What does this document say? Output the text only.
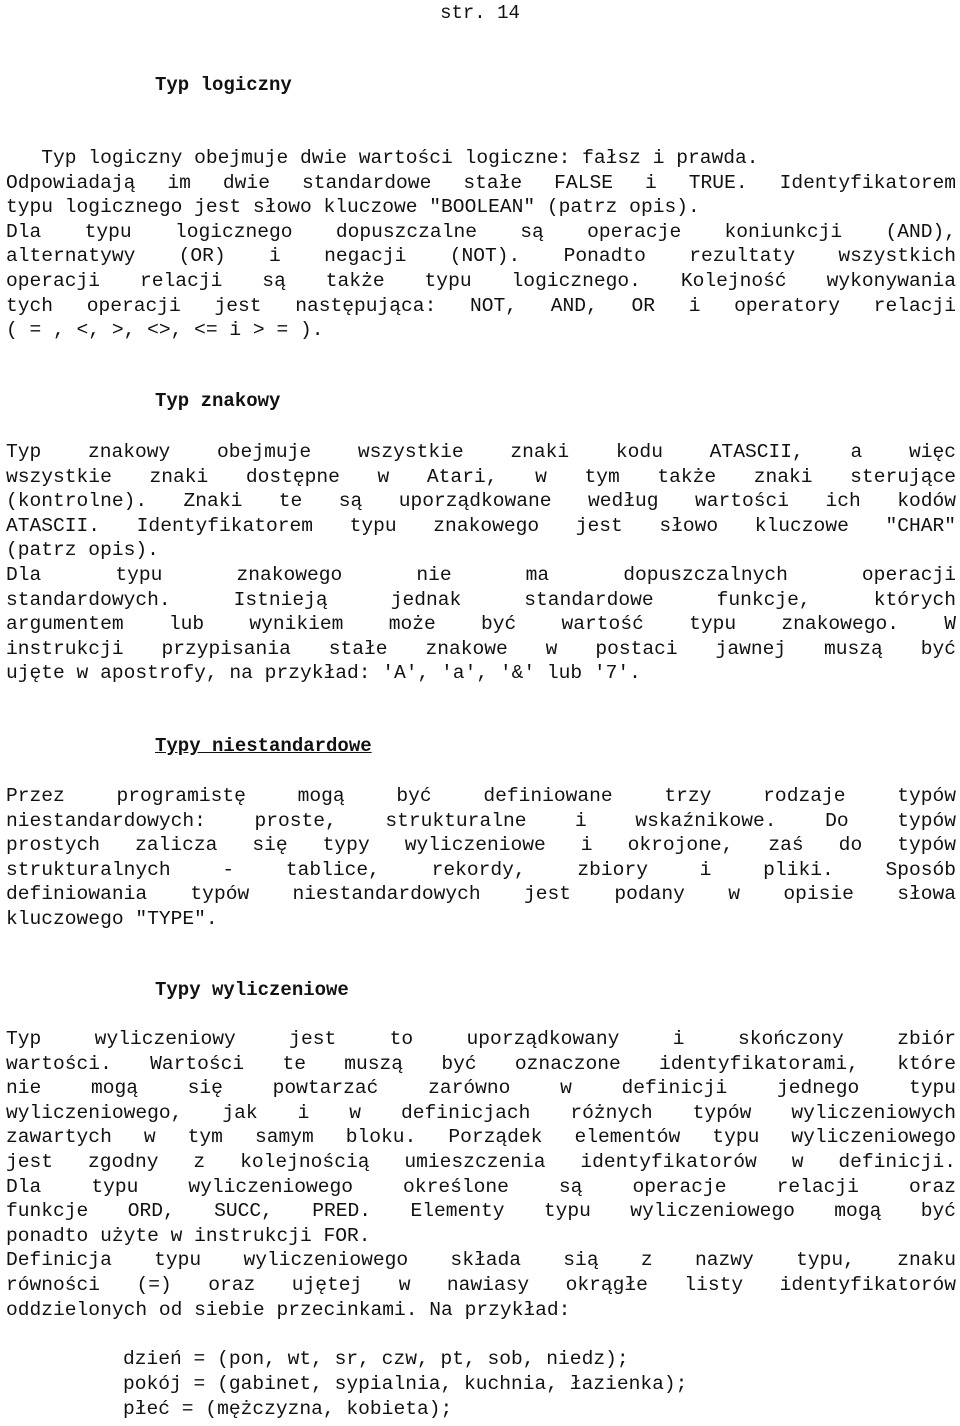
str. 14
Typ logiczny
Typ logiczny obejmuje dwie wartości logiczne: fałsz i prawda.
Odpowiadają im dwie standardowe stałe FALSE i TRUE. Identyfikatorem
typu logicznego jest słowo kluczowe "BOOLEAN" (patrz opis).
Dla typu logicznego dopuszczalne są operacje koniunkcji (AND),
alternatywy (OR) i negacji (NOT). Ponadto rezultaty wszystkich
operacji relacji są także typu logicznego. Kolejność wykonywania
tych operacji jest następująca: NOT, AND, OR i operatory relacji
( = , <, >, <>, <= i > = ).
Typ znakowy
Typ znakowy obejmuje wszystkie znaki kodu ATASCII, a więc
wszystkie znaki dostępne w Atari, w tym także znaki sterujące
(kontrolne). Znaki te są uporządkowane według wartości ich kodów
ATASCII. Identyfikatorem typu znakowego jest słowo kluczowe "CHAR"
(patrz opis).
Dla typu znakowego nie ma dopuszczalnych operacji
standardowych. Istnieją jednak standardowe funkcje, których
argumentem lub wynikiem może być wartość typu znakowego. W
instrukcji przypisania stałe znakowe w postaci jawnej muszą być
ujęte w apostrofy, na przykład: 'A', 'a', '&' lub '7'.
Typy niestandardowe
Przez programistę mogą być definiowane trzy rodzaje typów
niestandardowych: proste, strukturalne i wskaźnikowe. Do typów
prostych zalicza się typy wyliczeniowe i okrojone, zaś do typów
strukturalnych - tablice, rekordy, zbiory i pliki. Sposób
definiowania typów niestandardowych jest podany w opisie słowa
kluczowego "TYPE".
Typy wyliczeniowe
Typ wyliczeniowy jest to uporządkowany i skończony zbiór
wartości. Wartości te muszą być oznaczone identyfikatorami, które
nie mogą się powtarzać zarówno w definicji jednego typu
wyliczeniowego, jak i w definicjach różnych typów wyliczeniowych
zawartych w tym samym bloku. Porządek elementów typu wyliczeniowego
jest zgodny z kolejnością umieszczenia identyfikatorów w definicji.
Dla typu wyliczeniowego określone są operacje relacji oraz
funkcje ORD, SUCC, PRED. Elementy typu wyliczeniowego mogą być
ponadto użyte w instrukcji FOR.
Definicja typu wyliczeniowego składa sią z nazwy typu, znaku
równości (=) oraz ujętej w nawiasy okrągłe listy identyfikatorów
oddzielonych od siebie przecinkami. Na przykład:
dzień = (pon, wt, sr, czw, pt, sob, niedz);
pokój = (gabinet, sypialnia, kuchnia, łazienka);
płeć = (mężczyzna, kobieta);
